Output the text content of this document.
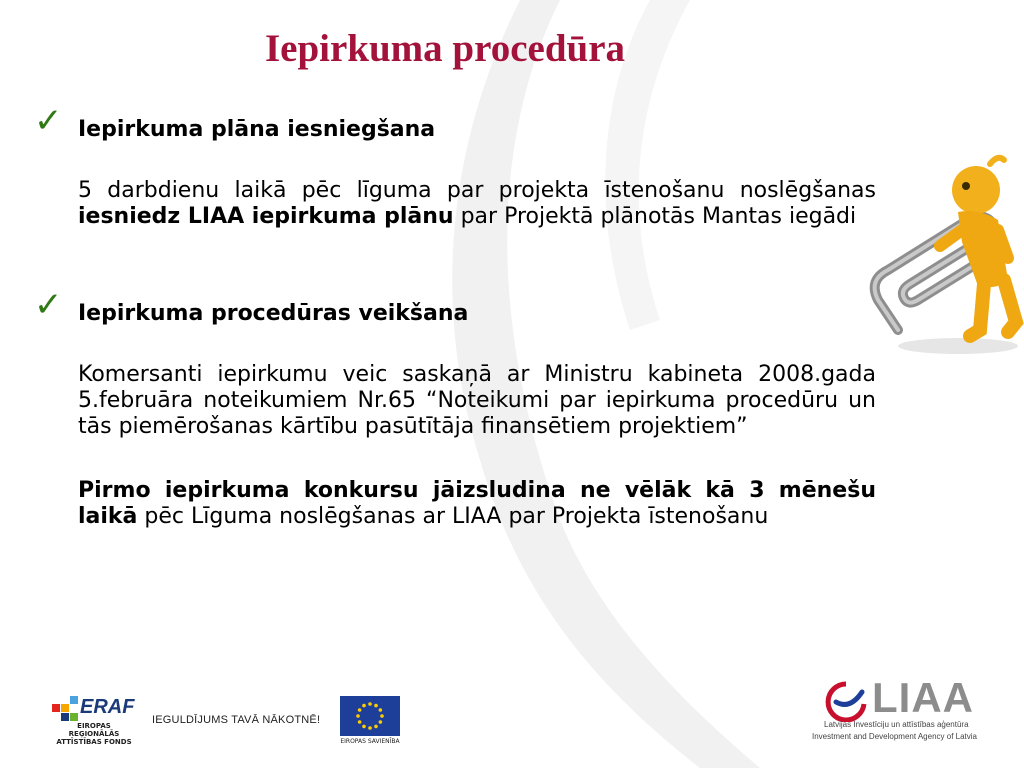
Iepirkuma procedūra
✓ Iepirkuma plāna iesniegšana

5 darbdienu laikā pēc līguma par projekta īstenošanu noslēgšanas iesniedz LIAA iepirkuma plānu par Projektā plānotās Mantas iegādi

✓ Iepirkuma procedūras veikšana

Komersanti iepirkumu veic saskaņā ar Ministru kabineta 2008.gada 5.februāra noteikumiem Nr.65 “Noteikumi par iepirkuma procedūru un tās piemērošanas kārtību pasūtītāja finansētiem projektiem”

Pirmo iepirkuma konkursu jāizsludina ne vēlāk kā 3 mēnešu laikā pēc Līguma noslēgšanas ar LIAA par Projekta īstenošanu

ERAF
EIROPAS REĢIONĀLĀS ATTĪSTĪBAS FONDS
IEGULDĪJUMS TAVĀ NĀKOTNĒ!
EIROPAS SAVIENĪBA
LIAA
Latvijas Investīciju un attīstības aģentūra
Investment and Development Agency of Latvia
